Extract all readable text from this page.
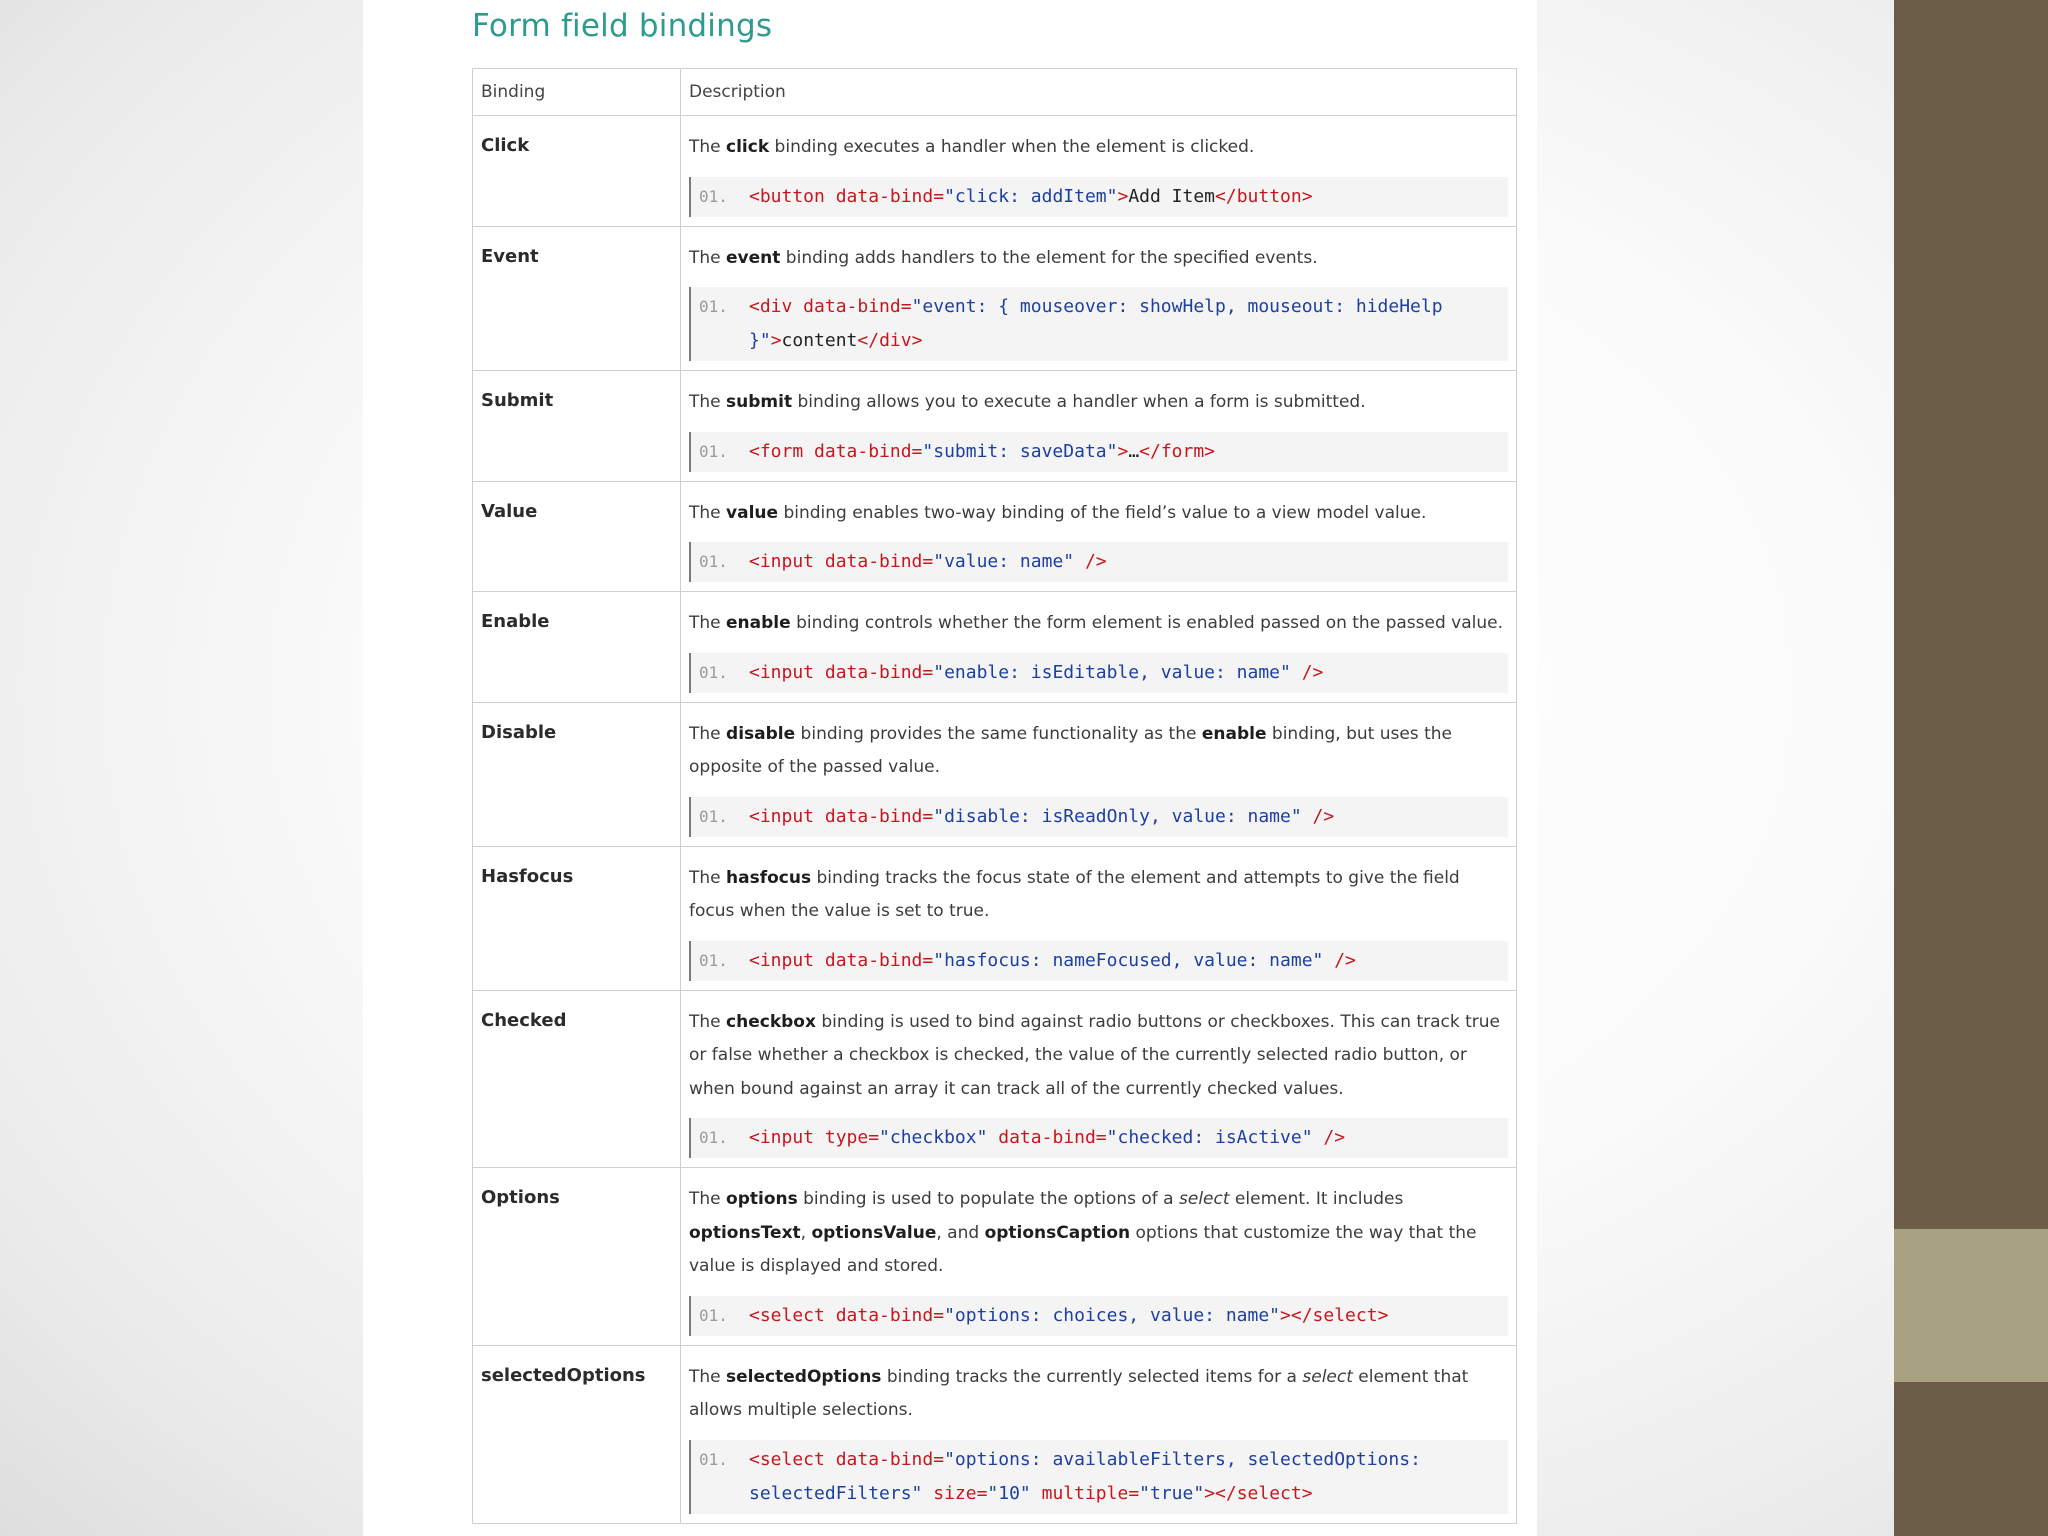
Form field bindings
Binding	Description

Click	The click binding executes a handler when the element is clicked.

01. <button data-bind="click: addItem">Add Item</button>

Event	The event binding adds handlers to the element for the specified events.

01. <div data-bind="event: { mouseover: showHelp, mouseout: hideHelp

}">content</div>

Submit	The submit binding allows you to execute a handler when a form is submitted.

01. <form data-bind="submit: saveData">…</form>

Value	The value binding enables two-way binding of the field’s value to a view model value.

01. <input data-bind="value: name" />

Enable	The enable binding controls whether the form element is enabled passed on the passed value.

01. <input data-bind="enable: isEditable, value: name" />

Disable	The disable binding provides the same functionality as the enable binding, but uses the opposite of the passed value.

01. <input data-bind="disable: isReadOnly, value: name" />

Hasfocus	The hasfocus binding tracks the focus state of the element and attempts to give the field focus when the value is set to true.

01. <input data-bind="hasfocus: nameFocused, value: name" />

Checked	The checkbox binding is used to bind against radio buttons or checkboxes. This can track true or false whether a checkbox is checked, the value of the currently selected radio button, or when bound against an array it can track all of the currently checked values.

01. <input type="checkbox" data-bind="checked: isActive" />

Options	The options binding is used to populate the options of a select element. It includes optionsText, optionsValue, and optionsCaption options that customize the way that the value is displayed and stored.

01. <select data-bind="options: choices, value: name"></select>

selectedOptions	The selectedOptions binding tracks the currently selected items for a select element that allows multiple selections.

01. <select data-bind="options: availableFilters, selectedOptions:

selectedFilters" size="10" multiple="true"></select>
